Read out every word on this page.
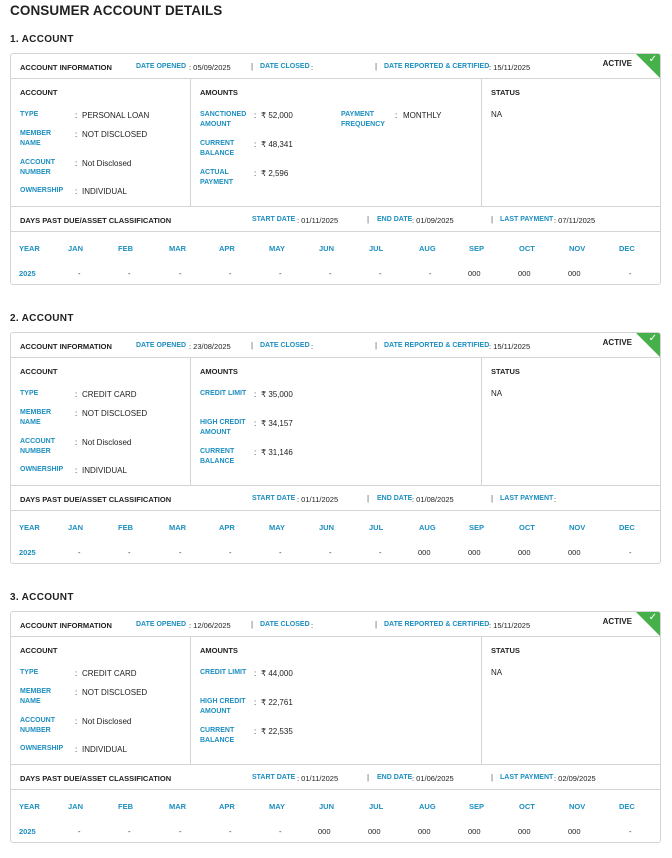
CONSUMER ACCOUNT DETAILS
1. ACCOUNT
ACCOUNT INFORMATION	DATE OPENED : 05/09/2025	| DATE CLOSED :	| DATE REPORTED & CERTIFIED : 15/11/2025	ACTIVE ✓
ACCOUNT
TYPE	: PERSONAL LOAN
MEMBER NAME
: NOT DISCLOSED
ACCOUNT NUMBER
: Not Disclosed
OWNERSHIP	: INDIVIDUAL
AMOUNTS
SANCTIONED AMOUNT
: ₹ 52,000
CURRENT BALANCE
: ₹ 48,341
ACTUAL PAYMENT
: ₹ 2,596
PAYMENT FREQUENCY
: MONTHLY
STATUS
NA
DAYS PAST DUE/ASSET CLASSIFICATION	START DATE : 01/11/2025	| END DATE : 01/09/2025	| LAST PAYMENT : 07/11/2025
YEAR	JAN	FEB	MAR	APR	MAY	JUN	JUL	AUG	SEP	OCT	NOV	DEC
2025	-	-	-	-	-	-	-	-	000	000	000	-
2. ACCOUNT
ACCOUNT INFORMATION	DATE OPENED : 23/08/2025	| DATE CLOSED :	| DATE REPORTED & CERTIFIED : 15/11/2025	ACTIVE ✓
ACCOUNT
TYPE	: CREDIT CARD
MEMBER NAME
: NOT DISCLOSED
ACCOUNT NUMBER
: Not Disclosed
OWNERSHIP	: INDIVIDUAL
AMOUNTS
CREDIT LIMIT : ₹ 35,000
HIGH CREDIT AMOUNT
: ₹ 34,157
CURRENT BALANCE
: ₹ 31,146
STATUS
NA
DAYS PAST DUE/ASSET CLASSIFICATION	START DATE : 01/11/2025	| END DATE : 01/08/2025	| LAST PAYMENT :
YEAR	JAN	FEB	MAR	APR	MAY	JUN	JUL	AUG	SEP	OCT	NOV	DEC
2025	-	-	-	-	-	-	-	000	000	000	000	-
3. ACCOUNT
ACCOUNT INFORMATION	DATE OPENED : 12/06/2025	| DATE CLOSED :	| DATE REPORTED & CERTIFIED : 15/11/2025	ACTIVE ✓
ACCOUNT
TYPE	: CREDIT CARD
MEMBER NAME
: NOT DISCLOSED
ACCOUNT NUMBER
: Not Disclosed
OWNERSHIP	: INDIVIDUAL
AMOUNTS
CREDIT LIMIT : ₹ 44,000
HIGH CREDIT AMOUNT
: ₹ 22,761
CURRENT BALANCE
: ₹ 22,535
STATUS
NA
DAYS PAST DUE/ASSET CLASSIFICATION	START DATE : 01/11/2025	| END DATE : 01/06/2025	| LAST PAYMENT : 02/09/2025
YEAR	JAN	FEB	MAR	APR	MAY	JUN	JUL	AUG	SEP	OCT	NOV	DEC
2025	-	-	-	-	-	000	000	000	000	000	000	-
